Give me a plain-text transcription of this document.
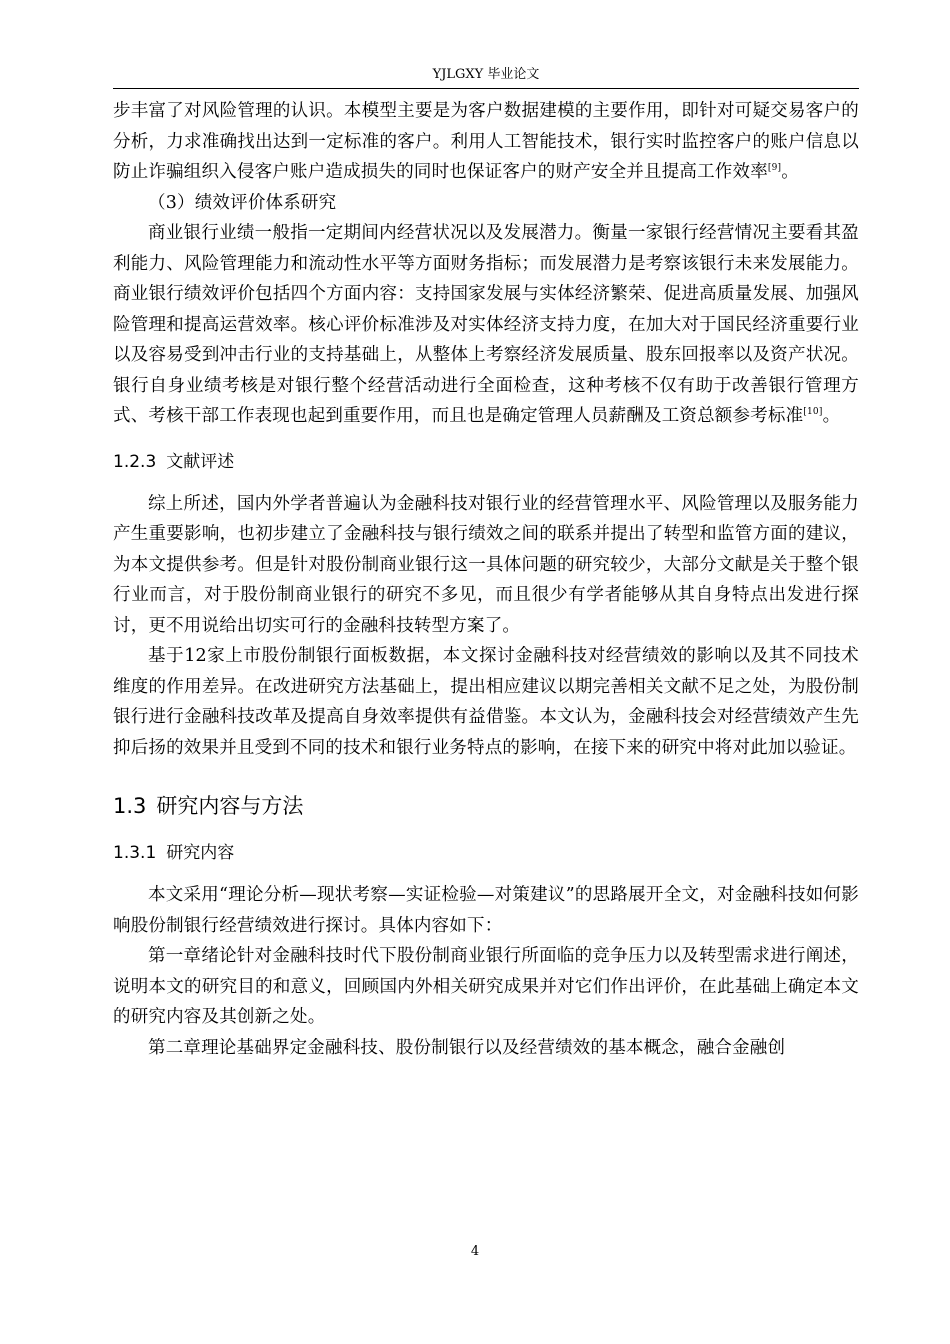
YJLGXY 毕业论文

步丰富了对风险管理的认识。本模型主要是为客户数据建模的主要作用，即针对可疑交易客户的分析，力求准确找出达到一定标准的客户。利用人工智能技术，银行实时监控客户的账户信息以防止诈骗组织入侵客户账户造成损失的同时也保证客户的财产安全并且提高工作效率[9]。

（3）绩效评价体系研究

商业银行业绩一般指一定期间内经营状况以及发展潜力。衡量一家银行经营情况主要看其盈利能力、风险管理能力和流动性水平等方面财务指标；而发展潜力是考察该银行未来发展能力。商业银行绩效评价包括四个方面内容：支持国家发展与实体经济繁荣、促进高质量发展、加强风险管理和提高运营效率。核心评价标准涉及对实体经济支持力度，在加大对于国民经济重要行业以及容易受到冲击行业的支持基础上，从整体上考察经济发展质量、股东回报率以及资产状况。银行自身业绩考核是对银行整个经营活动进行全面检查，这种考核不仅有助于改善银行管理方式、考核干部工作表现也起到重要作用，而且也是确定管理人员薪酬及工资总额参考标准[10]。

1.2.3 文献评述

综上所述，国内外学者普遍认为金融科技对银行业的经营管理水平、风险管理以及服务能力产生重要影响，也初步建立了金融科技与银行绩效之间的联系并提出了转型和监管方面的建议，为本文提供参考。但是针对股份制商业银行这一具体问题的研究较少，大部分文献是关于整个银行业而言，对于股份制商业银行的研究不多见，而且很少有学者能够从其自身特点出发进行探讨，更不用说给出切实可行的金融科技转型方案了。

基于12家上市股份制银行面板数据，本文探讨金融科技对经营绩效的影响以及其不同技术维度的作用差异。在改进研究方法基础上，提出相应建议以期完善相关文献不足之处，为股份制银行进行金融科技改革及提高自身效率提供有益借鉴。本文认为，金融科技会对经营绩效产生先抑后扬的效果并且受到不同的技术和银行业务特点的影响，在接下来的研究中将对此加以验证。

1.3 研究内容与方法
1.3.1 研究内容

本文采用“理论分析—现状考察—实证检验—对策建议”的思路展开全文，对金融科技如何影响股份制银行经营绩效进行探讨。具体内容如下：

第一章绪论针对金融科技时代下股份制商业银行所面临的竞争压力以及转型需求进行阐述，说明本文的研究目的和意义，回顾国内外相关研究成果并对它们作出评价，在此基础上确定本文的研究内容及其创新之处。

第二章理论基础界定金融科技、股份制银行以及经营绩效的基本概念，融合金融创

4
